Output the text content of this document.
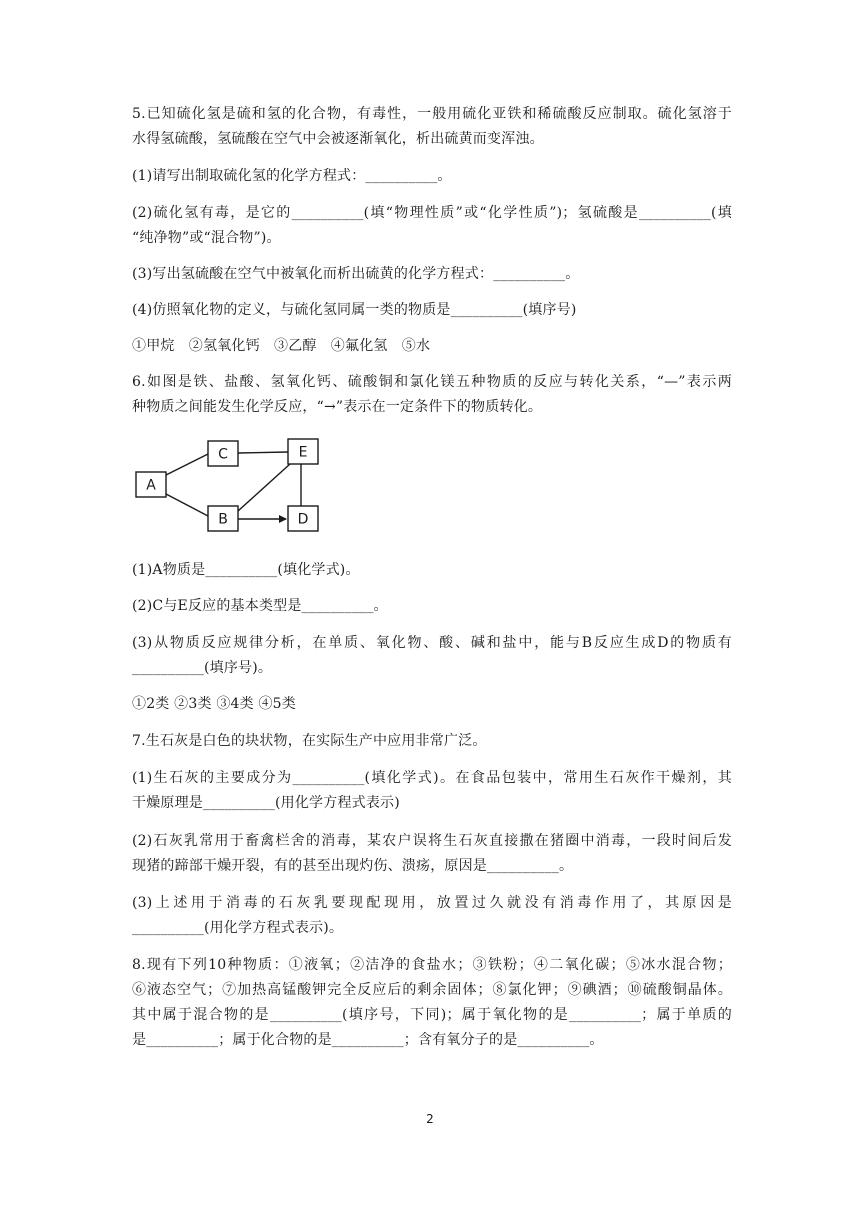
5.已知硫化氢是硫和氢的化合物，有毒性，一般用硫化亚铁和稀硫酸反应制取。硫化氢溶于

水得氢硫酸，氢硫酸在空气中会被逐渐氧化，析出硫黄而变浑浊。

(1)请写出制取硫化氢的化学方程式：__________。

(2)硫化氢有毒，是它的__________(填“物理性质”或“化学性质”)；氢硫酸是__________(填

“纯净物”或“混合物”)。

(3)写出氢硫酸在空气中被氧化而析出硫黄的化学方程式：__________。

(4)仿照氧化物的定义，与硫化氢同属一类的物质是__________(填序号)

①甲烷　②氢氧化钙　③乙醇　④氟化氢　⑤水

6.如图是铁、盐酸、氢氧化钙、硫酸铜和氯化镁五种物质的反应与转化关系，“—”表示两

种物质之间能发生化学反应，“→”表示在一定条件下的物质转化。

A
B
C
D
E

(1)A物质是__________(填化学式)。

(2)C与E反应的基本类型是__________。

(3)从物质反应规律分析，在单质、氧化物、酸、碱和盐中，能与B反应生成D的物质有

__________(填序号)。

①2类 ②3类 ③4类 ④5类

7.生石灰是白色的块状物，在实际生产中应用非常广泛。

(1)生石灰的主要成分为__________(填化学式)。在食品包装中，常用生石灰作干燥剂，其

干燥原理是__________(用化学方程式表示)

(2)石灰乳常用于畜禽栏舍的消毒，某农户误将生石灰直接撒在猪圈中消毒，一段时间后发

现猪的蹄部干燥开裂，有的甚至出现灼伤、溃疡，原因是__________。

(3)上述用于消毒的石灰乳要现配现用，放置过久就没有消毒作用了，其原因是

__________(用化学方程式表示)。

8.现有下列10种物质：①液氧；②洁净的食盐水；③铁粉；④二氧化碳；⑤冰水混合物；

⑥液态空气；⑦加热高锰酸钾完全反应后的剩余固体；⑧氯化钾；⑨碘酒；⑩硫酸铜晶体。

其中属于混合物的是__________(填序号，下同)；属于氧化物的是__________；属于单质的

是__________；属于化合物的是__________；含有氧分子的是__________。

2
